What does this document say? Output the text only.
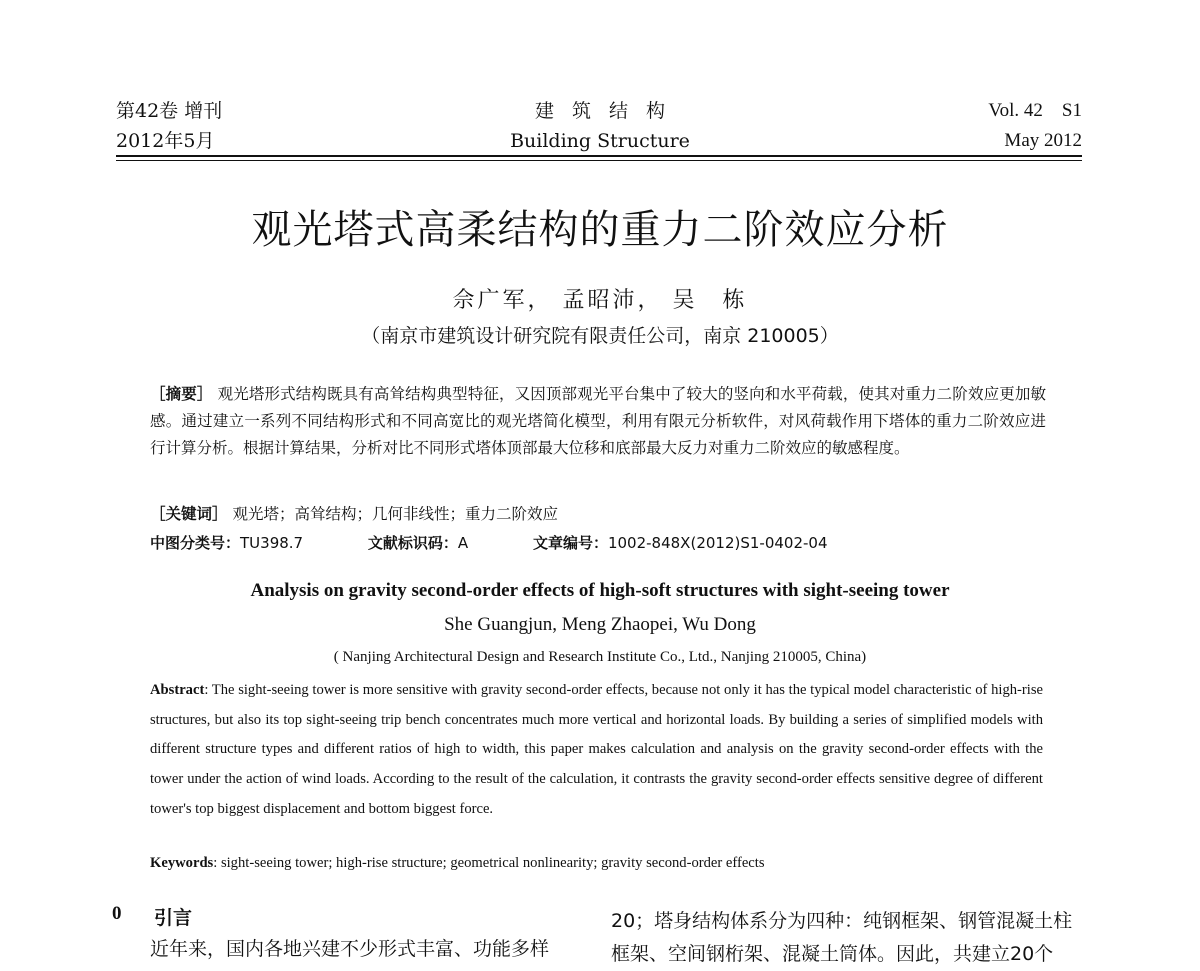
第42卷 增刊
2012年5月
建筑结构
Building Structure
Vol. 42　S1
May 2012
观光塔式高柔结构的重力二阶效应分析
佘广军， 孟昭沛， 吴　栋
（南京市建筑设计研究院有限责任公司，南京 210005）
［摘要］ 观光塔形式结构既具有高耸结构典型特征，又因顶部观光平台集中了较大的竖向和水平荷载，使其对重力二阶效应更加敏感。通过建立一系列不同结构形式和不同高宽比的观光塔简化模型，利用有限元分析软件，对风荷载作用下塔体的重力二阶效应进行计算分析。根据计算结果，分析对比不同形式塔体顶部最大位移和底部最大反力对重力二阶效应的敏感程度。
［关键词］ 观光塔；高耸结构；几何非线性；重力二阶效应
中图分类号：TU398.7	文献标识码：A	文章编号：1002-848X(2012)S1-0402-04
Analysis on gravity second-order effects of high-soft structures with sight-seeing tower
She Guangjun, Meng Zhaopei, Wu Dong
( Nanjing Architectural Design and Research Institute Co., Ltd., Nanjing 210005, China)
Abstract: The sight-seeing tower is more sensitive with gravity second-order effects, because not only it has the typical model characteristic of high-rise structures, but also its top sight-seeing trip bench concentrates much more vertical and horizontal loads. By building a series of simplified models with different structure types and different ratios of high to width, this paper makes calculation and analysis on the gravity second-order effects with the tower under the action of wind loads. According to the result of the calculation, it contrasts the gravity second-order effects sensitive degree of different tower's top biggest displacement and bottom biggest force.
Keywords: sight-seeing tower; high-rise structure; geometrical nonlinearity; gravity second-order effects
0 引言
近年来，国内各地兴建不少形式丰富、功能多样
20；塔身结构体系分为四种：纯钢框架、钢管混凝土柱
框架、空间钢桁架、混凝土筒体。因此，共建立20个
